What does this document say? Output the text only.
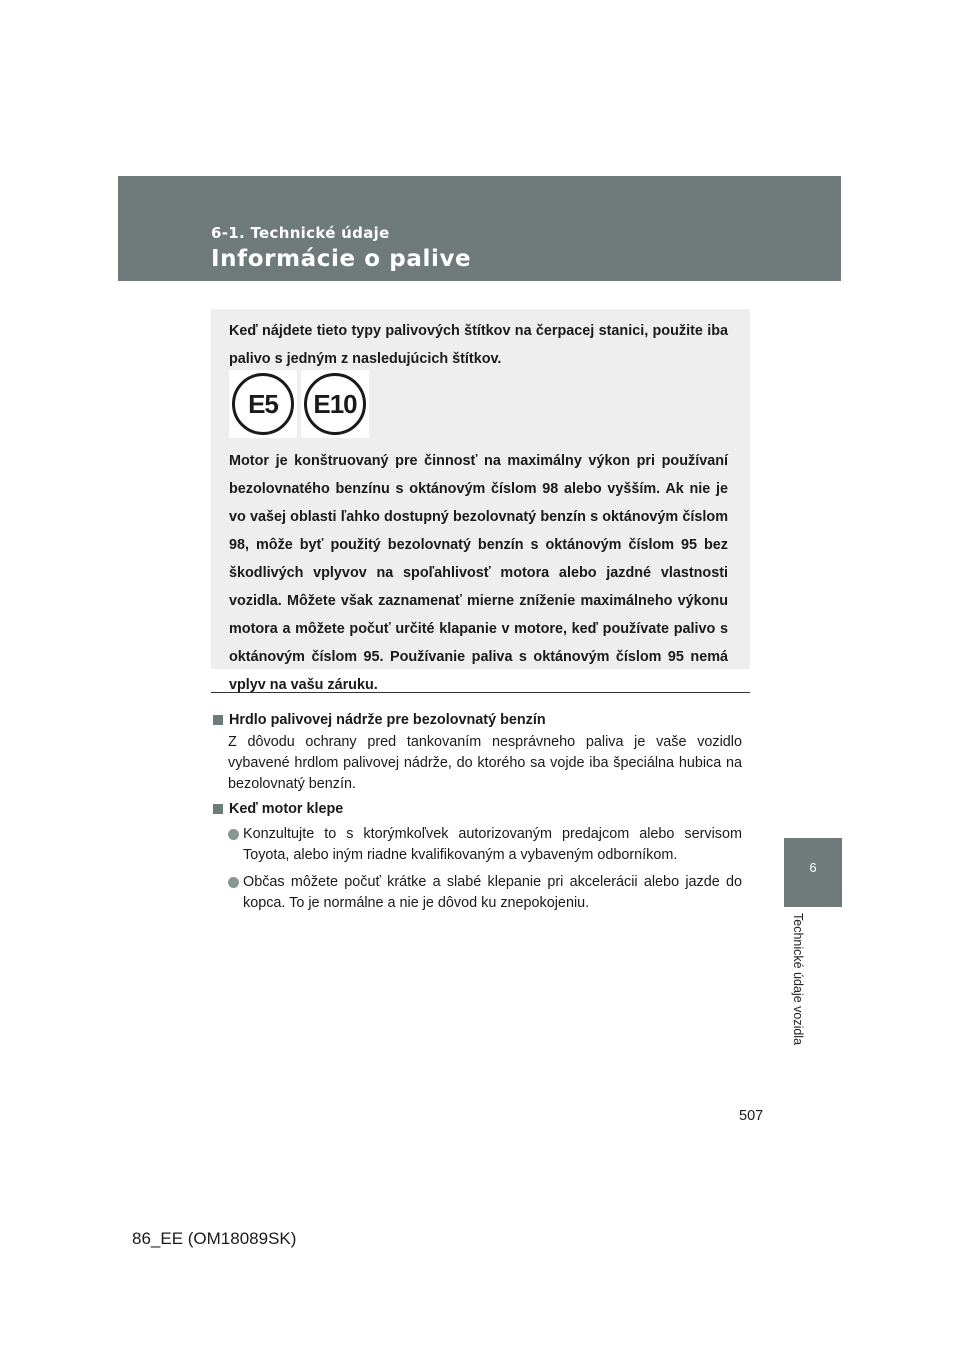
6-1. Technické údaje
Informácie o palive

Keď nájdete tieto typy palivových štítkov na čerpacej stanici, použite iba palivo s jedným z nasledujúcich štítkov.

E5	E10

Motor je konštruovaný pre činnosť na maximálny výkon pri používaní bezolovnatého benzínu s oktánovým číslom 98 alebo vyšším. Ak nie je vo vašej oblasti ľahko dostupný bezolovnatý benzín s oktánovým číslom 98, môže byť použitý bezolovnatý benzín s oktánovým číslom 95 bez škodlivých vplyvov na spoľahlivosť motora alebo jazdné vlastnosti vozidla. Môžete však zaznamenať mierne zníženie maximálneho výkonu motora a môžete počuť určité klapanie v motore, keď používate palivo s oktánovým číslom 95. Používanie paliva s oktánovým číslom 95 nemá vplyv na vašu záruku.

Hrdlo palivovej nádrže pre bezolovnatý benzín

Z dôvodu ochrany pred tankovaním nesprávneho paliva je vaše vozidlo vybavené hrdlom palivovej nádrže, do ktorého sa vojde iba špeciálna hubica na bezolovnatý benzín.

Keď motor klepe

Konzultujte to s ktorýmkoľvek autorizovaným predajcom alebo servisom Toyota, alebo iným riadne kvalifikovaným a vybaveným odborníkom.

Občas môžete počuť krátke a slabé klepanie pri akcelerácii alebo jazde do kopca. To je normálne a nie je dôvod ku znepokojeniu.

6
Technické údaje vozidla
507
86_EE (OM18089SK)
